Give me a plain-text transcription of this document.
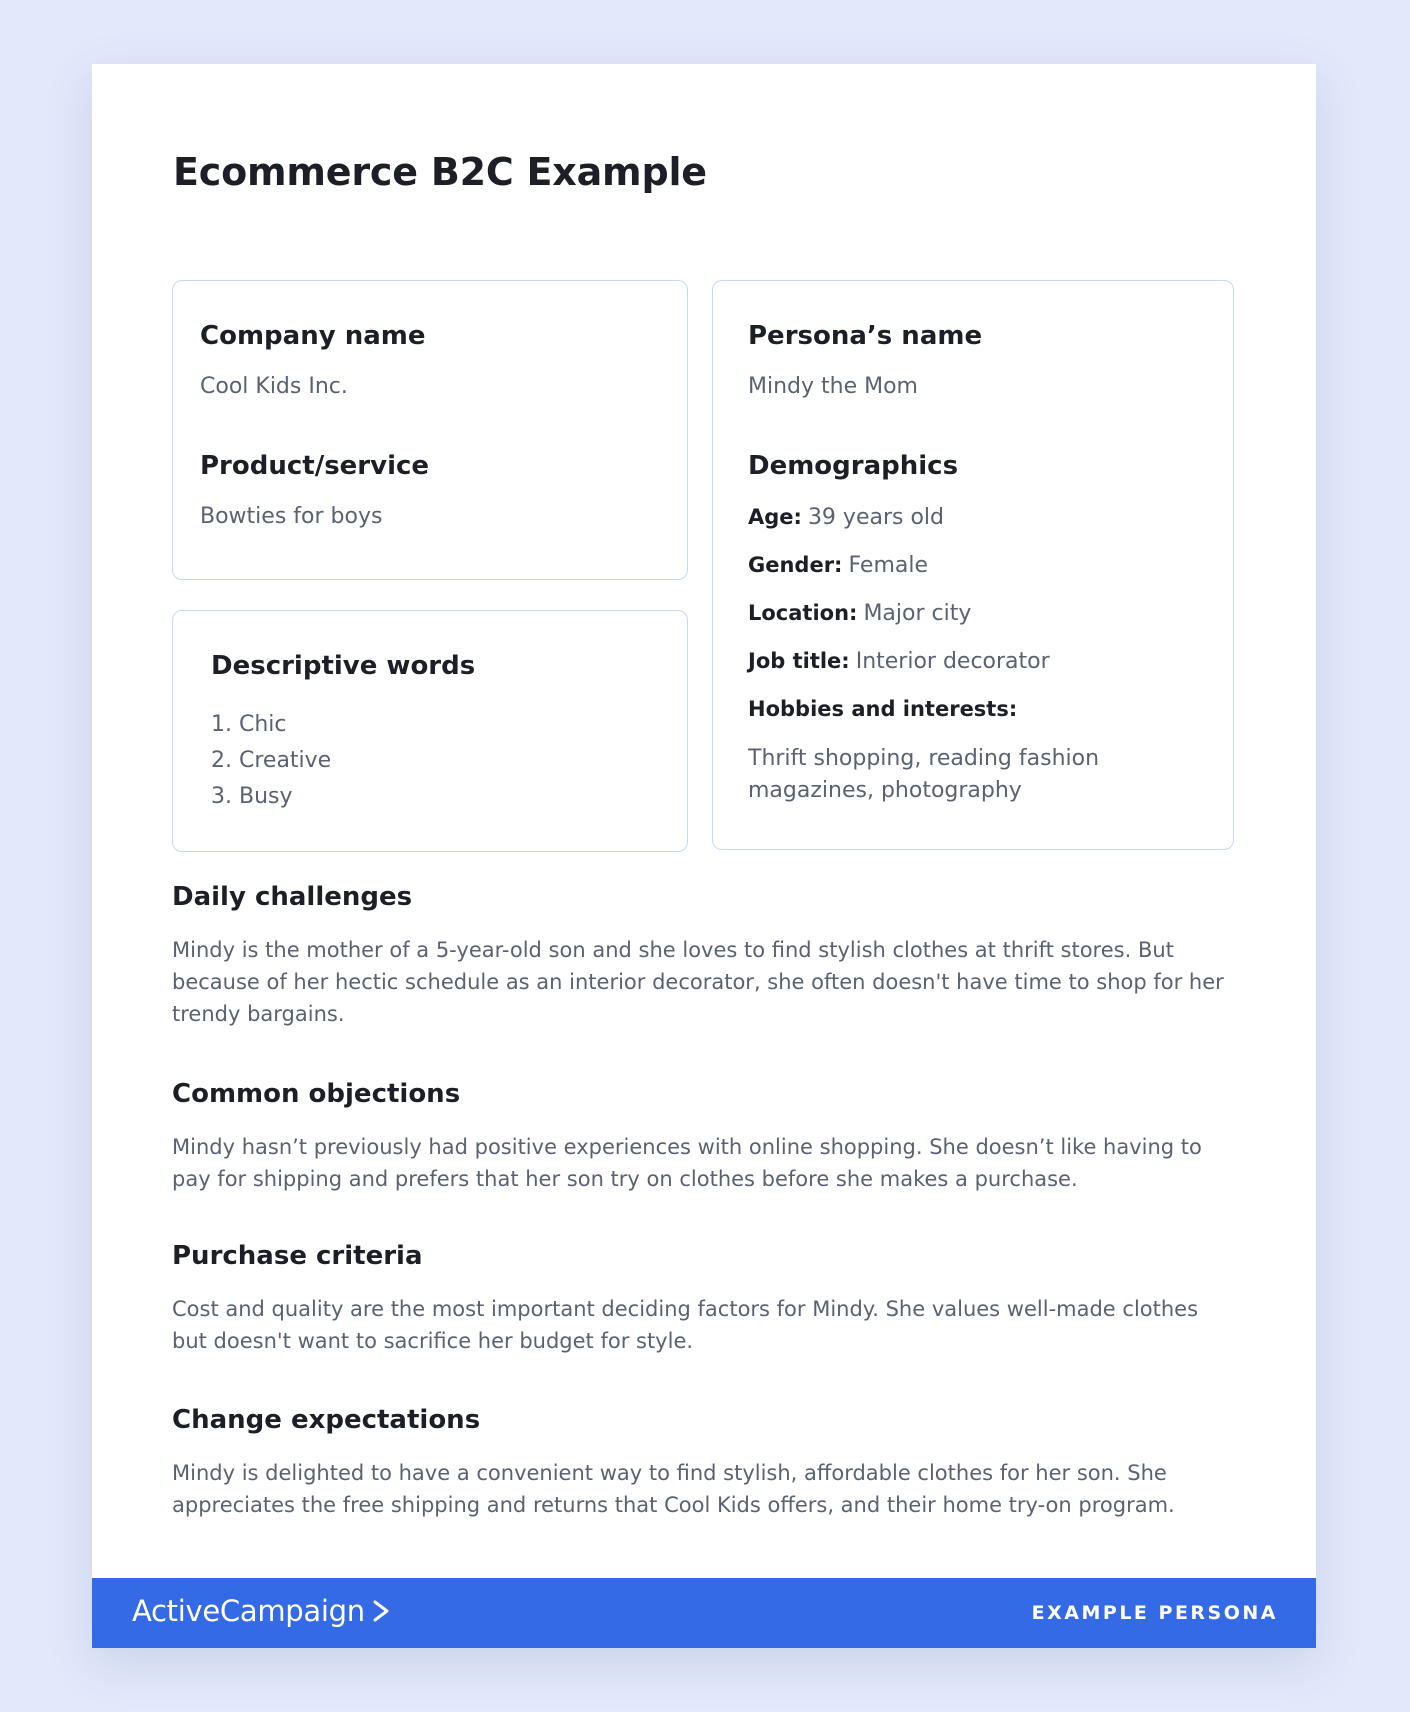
Ecommerce B2C Example

Company name

Cool Kids Inc.

Product/service

Bowties for boys

Descriptive words

1. Chic
2. Creative
3. Busy

Persona’s name

Mindy the Mom

Demographics

Age: 39 years old
Gender: Female
Location: Major city
Job title: Interior decorator
Hobbies and interests:

Thrift shopping, reading fashion magazines, photography

Daily challenges

Mindy is the mother of a 5-year-old son and she loves to find stylish clothes at thrift stores. But because of her hectic schedule as an interior decorator, she often doesn't have time to shop for her trendy bargains.

Common objections

Mindy hasn’t previously had positive experiences with online shopping. She doesn’t like having to pay for shipping and prefers that her son try on clothes before she makes a purchase.

Purchase criteria

Cost and quality are the most important deciding factors for Mindy. She values well-made clothes but doesn't want to sacrifice her budget for style.

Change expectations

Mindy is delighted to have a convenient way to find stylish, affordable clothes for her son. She appreciates the free shipping and returns that Cool Kids offers, and their home try-on program.

ActiveCampaign	EXAMPLE PERSONA
